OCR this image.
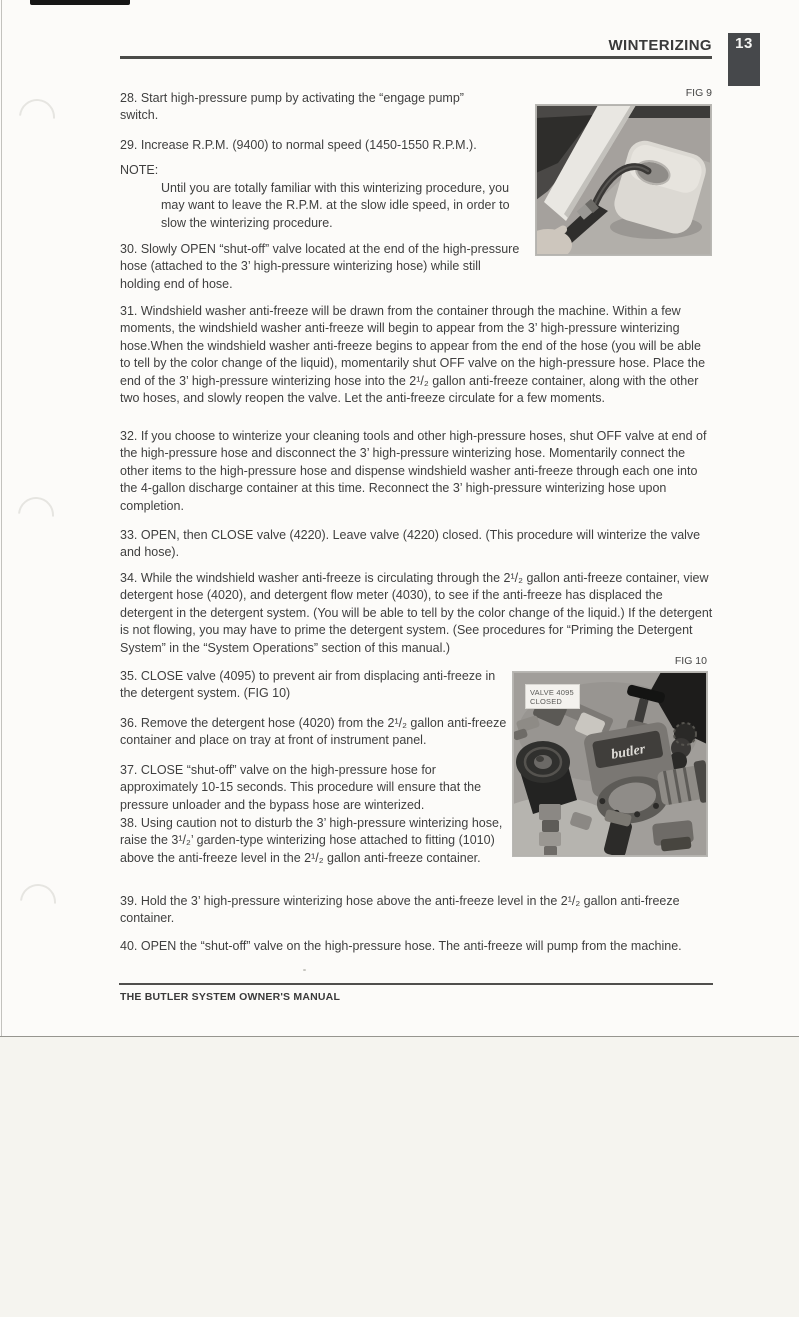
WINTERIZING	13

28. Start high-pressure pump by activating the “engage pump” switch.

29. Increase R.P.M. (9400) to normal speed (1450-1550 R.P.M.).

NOTE:

Until you are totally familiar with this winterizing procedure, you may want to leave the R.P.M. at the slow idle speed, in order to slow the winterizing procedure.

30. Slowly OPEN “shut-off” valve located at the end of the high-pressure hose (attached to the 3’ high-pressure winterizing hose) while still holding end of hose.

31. Windshield washer anti-freeze will be drawn from the container through the machine. Within a few moments, the windshield washer anti-freeze will begin to appear from the 3’ high-pressure winterizing hose.When the windshield washer anti-freeze begins to appear from the end of the hose (you will be able to tell by the color change of the liquid), momentarily shut OFF valve on the high-pressure hose. Place the end of the 3’ high-pressure winterizing hose into the 2¹/₂ gallon anti-freeze container, along with the other two hoses, and slowly reopen the valve. Let the anti-freeze circulate for a few moments.

32. If you choose to winterize your cleaning tools and other high-pressure hoses, shut OFF valve at end of the high-pressure hose and disconnect the 3’ high-pressure winterizing hose. Momentarily connect the other items to the high-pressure hose and dispense windshield washer anti-freeze through each one into the 4-gallon discharge container at this time. Reconnect the 3’ high-pressure winterizing hose upon completion.

33. OPEN, then CLOSE valve (4220). Leave valve (4220) closed. (This procedure will winterize the valve and hose).

34. While the windshield washer anti-freeze is circulating through the 2¹/₂ gallon anti-freeze container, view detergent hose (4020), and detergent flow meter (4030), to see if the anti-freeze has displaced the detergent in the detergent system. (You will be able to tell by the color change of the liquid.) If the detergent is not flowing, you may have to prime the detergent system. (See procedures for “Priming the Detergent System” in the “System Operations” section of this manual.)

35. CLOSE valve (4095) to prevent air from displacing anti-freeze in the detergent system. (FIG 10)

36. Remove the detergent hose (4020) from the 2¹/₂ gallon anti-freeze container and place on tray at front of instrument panel.

37. CLOSE “shut-off” valve on the high-pressure hose for approximately 10-15 seconds. This procedure will ensure that the pressure unloader and the bypass hose are winterized.

38. Using caution not to disturb the 3’ high-pressure winterizing hose, raise the 3¹/₂’ garden-type winterizing hose attached to fitting (1010) above the anti-freeze level in the 2¹/₂ gallon anti-freeze container.

39. Hold the 3’ high-pressure winterizing hose above the anti-freeze level in the 2¹/₂ gallon anti-freeze container.

40. OPEN the “shut-off” valve on the high-pressure hose. The anti-freeze will pump from the machine.

FIG 9
FIG 10
butler
VALVE 4095
CLOSED
THE BUTLER SYSTEM OWNER'S MANUAL
